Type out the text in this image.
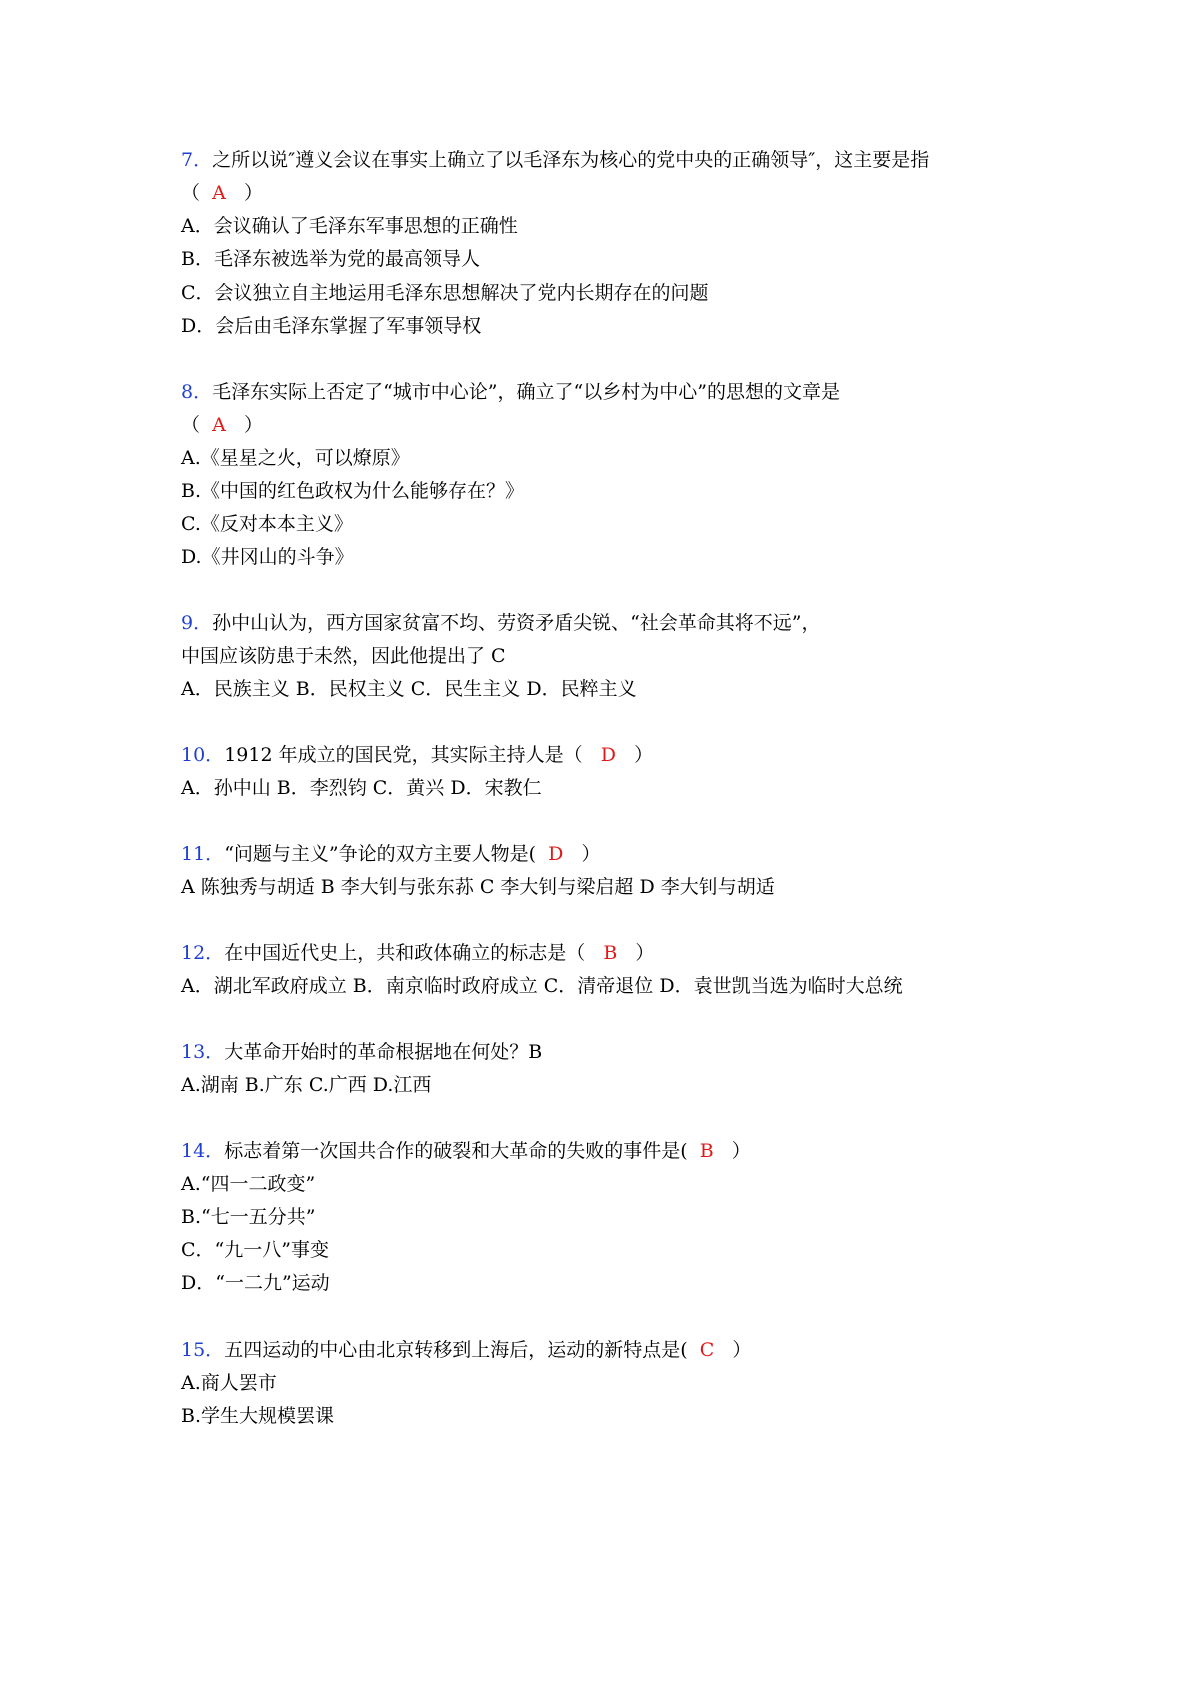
7．之所以说″遵义会议在事实上确立了以毛泽东为核心的党中央的正确领导″，这主要是指
（ A ）
A．会议确认了毛泽东军事思想的正确性
B．毛泽东被选举为党的最高领导人
C．会议独立自主地运用毛泽东思想解决了党内长期存在的问题
D．会后由毛泽东掌握了军事领导权
8．毛泽东实际上否定了“城市中心论”，确立了“以乡村为中心”的思想的文章是
（ A ）
A.《星星之火，可以燎原》
B.《中国的红色政权为什么能够存在？》
C.《反对本本主义》
D.《井冈山的斗争》
9．孙中山认为，西方国家贫富不均、劳资矛盾尖锐、“社会革命其将不远”，
中国应该防患于未然，因此他提出了 C
A．民族主义 B．民权主义 C．民生主义 D．民粹主义
10．1912 年成立的国民党，其实际主持人是（ D ）
A．孙中山 B．李烈钧 C．黄兴 D．宋教仁
11．“问题与主义”争论的双方主要人物是( D ）
A 陈独秀与胡适 B 李大钊与张东荪 C 李大钊与梁启超 D 李大钊与胡适
12．在中国近代史上，共和政体确立的标志是（ B ）
A．湖北军政府成立 B．南京临时政府成立 C．清帝退位 D．袁世凯当选为临时大总统
13．大革命开始时的革命根据地在何处？B
A.湖南 B.广东 C.广西 D.江西
14．标志着第一次国共合作的破裂和大革命的失败的事件是( B ）
A.“四一二政变”
B.“七一五分共”
C．“九一八”事变
D．“一二九”运动
15．五四运动的中心由北京转移到上海后，运动的新特点是( C ）
A.商人罢市
B.学生大规模罢课
